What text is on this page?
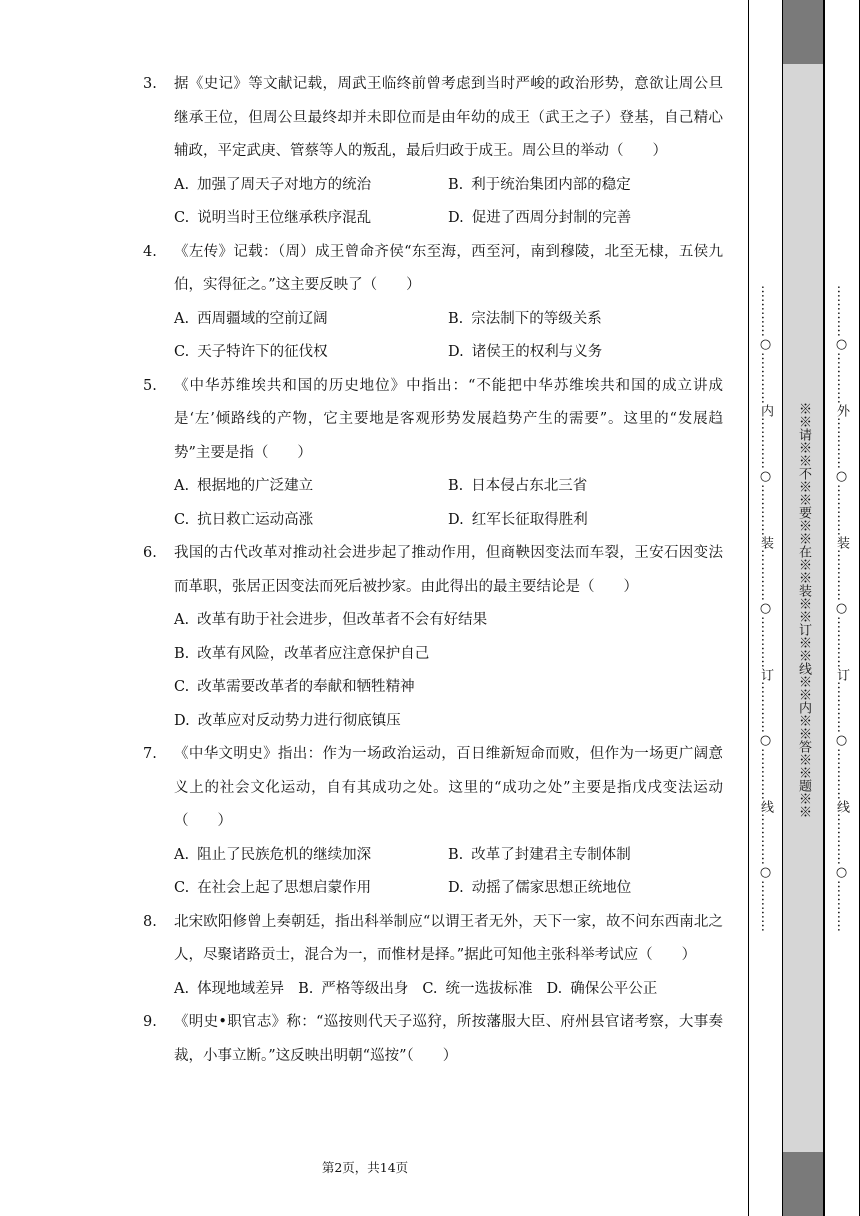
3.	据《史记》等文献记载，周武王临终前曾考虑到当时严峻的政治形势，意欲让周公旦继承王位，但周公旦最终却并未即位而是由年幼的成王（武王之子）登基，自己精心辅政，平定武庚、管蔡等人的叛乱，最后归政于成王。周公旦的举动（　　）
A. 加强了周天子对地方的统治	B. 利于统治集团内部的稳定
C. 说明当时王位继承秩序混乱	D. 促进了西周分封制的完善
4.	《左传》记载：（周）成王曾命齐侯“东至海，西至河，南到穆陵，北至无棣，五侯九伯，实得征之。”这主要反映了（　　）
A. 西周疆域的空前辽阔	B. 宗法制下的等级关系
C. 天子特许下的征伐权	D. 诸侯王的权利与义务
5.	《中华苏维埃共和国的历史地位》中指出：“不能把中华苏维埃共和国的成立讲成是‘左’倾路线的产物，它主要地是客观形势发展趋势产生的需要”。这里的“发展趋势”主要是指（　　）
A. 根据地的广泛建立	B. 日本侵占东北三省
C. 抗日救亡运动高涨	D. 红军长征取得胜利
6.	我国的古代改革对推动社会进步起了推动作用，但商鞅因变法而车裂，王安石因变法而革职，张居正因变法而死后被抄家。由此得出的最主要结论是（　　）
A. 改革有助于社会进步，但改革者不会有好结果
B. 改革有风险，改革者应注意保护自己
C. 改革需要改革者的奉献和牺牲精神
D. 改革应对反动势力进行彻底镇压
7.	《中华文明史》指出：作为一场政治运动，百日维新短命而败，但作为一场更广阔意义上的社会文化运动，自有其成功之处。这里的“成功之处”主要是指戊戌变法运动（　　）
A. 阻止了民族危机的继续加深	B. 改革了封建君主专制体制
C. 在社会上起了思想启蒙作用	D. 动摇了儒家思想正统地位
8.	北宋欧阳修曾上奏朝廷，指出科举制应“以谓王者无外，天下一家，故不问东西南北之人，尽聚诸路贡士，混合为一，而惟材是择。”据此可知他主张科举考试应（　　）
A. 体现地域差异 B. 严格等级出身 C. 统一选拔标准 D. 确保公平公正
9.	《明史•职官志》称：“巡按则代天子巡狩，所按藩服大臣、府州县官诸考察，大事奏裁，小事立断。”这反映出明朝“巡按”（　　）
第2页，共14页
…………○…………内…………○…………装…………○…………订…………○…………线…………○…………	※※请※※不※※要※※在※※装※※订※※线※※内※※答※※题※※	…………○…………外…………○…………装…………○…………订…………○…………线…………○…………
